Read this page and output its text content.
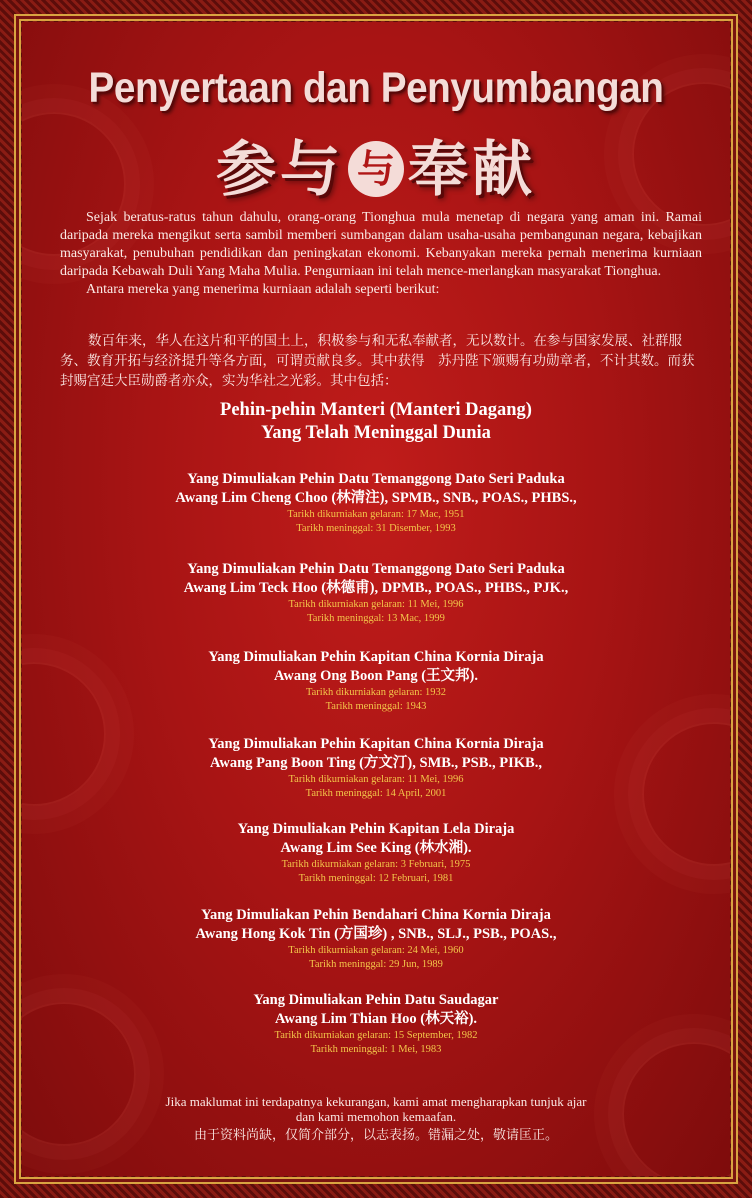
Penyertaan dan Penyumbangan
参与 与 奉献

Sejak beratus-ratus tahun dahulu, orang-orang Tionghua mula menetap di negara yang aman ini. Ramai daripada mereka mengikut serta sambil memberi sumbangan dalam usaha-usaha pembangunan negara, kebajikan masyarakat, penubuhan pendidikan dan peningkatan ekonomi. Kebanyakan mereka pernah menerima kurniaan daripada Kebawah Duli Yang Maha Mulia. Pengurniaan ini telah mence-merlangkan masyarakat Tionghua.

Antara mereka yang menerima kurniaan adalah seperti berikut:

数百年来，华人在这片和平的国土上，积极参与和无私奉献者，无以数计。在参与国家发展、社群服务、教育开拓与经济提升等各方面，可谓贡献良多。其中获得　苏丹陛下颁赐有功勋章者，不计其数。而获封赐宫廷大臣勋爵者亦众，实为华社之光彩。其中包括：
Pehin-pehin Manteri (Manteri Dagang)
Yang Telah Meninggal Dunia
Yang Dimuliakan Pehin Datu Temanggong Dato Seri Paduka
Awang Lim Cheng Choo (林清注), SPMB., SNB., POAS., PHBS.,
Tarikh dikurniakan gelaran: 17 Mac, 1951
Tarikh meninggal: 31 Disember, 1993
Yang Dimuliakan Pehin Datu Temanggong Dato Seri Paduka
Awang Lim Teck Hoo (林德甫), DPMB., POAS., PHBS., PJK.,
Tarikh dikurniakan gelaran: 11 Mei, 1996
Tarikh meninggal: 13 Mac, 1999
Yang Dimuliakan Pehin Kapitan China Kornia Diraja
Awang Ong Boon Pang (王文邦).
Tarikh dikurniakan gelaran: 1932
Tarikh meninggal: 1943
Yang Dimuliakan Pehin Kapitan China Kornia Diraja
Awang Pang Boon Ting (方文汀), SMB., PSB., PIKB.,
Tarikh dikurniakan gelaran: 11 Mei, 1996
Tarikh meninggal: 14 April, 2001
Yang Dimuliakan Pehin Kapitan Lela Diraja
Awang Lim See King (林水湘).
Tarikh dikurniakan gelaran: 3 Februari, 1975
Tarikh meninggal: 12 Februari, 1981
Yang Dimuliakan Pehin Bendahari China Kornia Diraja
Awang Hong Kok Tin (方国珍) , SNB., SLJ., PSB., POAS.,
Tarikh dikurniakan gelaran: 24 Mei, 1960
Tarikh meninggal: 29 Jun, 1989
Yang Dimuliakan Pehin Datu Saudagar
Awang Lim Thian Hoo (林天裕).
Tarikh dikurniakan gelaran: 15 September, 1982
Tarikh meninggal: 1 Mei, 1983
Jika maklumat ini terdapatnya kekurangan, kami amat mengharapkan tunjuk ajar
dan kami memohon kemaafan.
由于资料尚缺，仅简介部分，以志表扬。错漏之处，敬请匡正。
